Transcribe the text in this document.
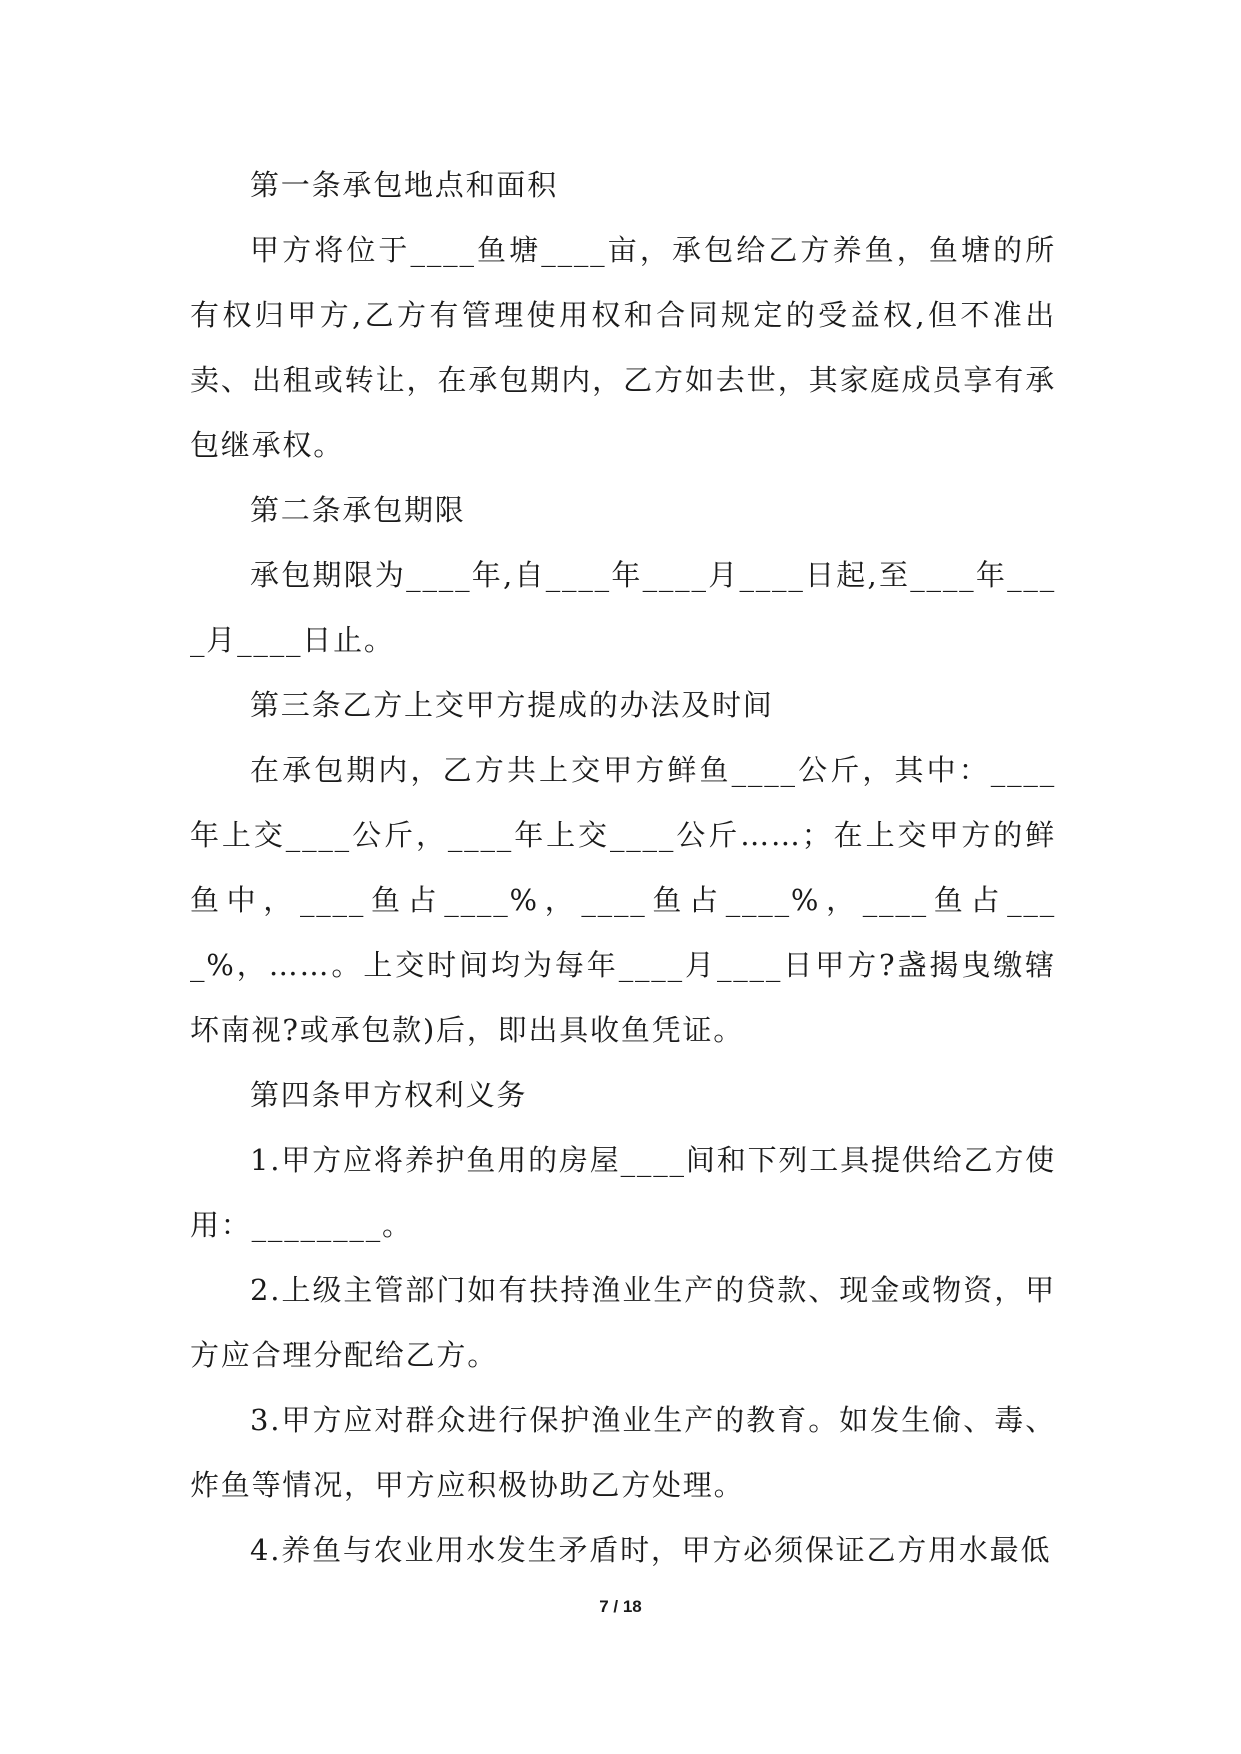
第一条承包地点和面积

甲方将位于____鱼塘____亩，承包给乙方养鱼，鱼塘的所有权归甲方,乙方有管理使用权和合同规定的受益权,但不准出卖、出租或转让，在承包期内，乙方如去世，其家庭成员享有承包继承权。

第二条承包期限

承包期限为____年,自____年____月____日起,至____年____月____日止。

第三条乙方上交甲方提成的办法及时间

在承包期内，乙方共上交甲方鲜鱼____公斤，其中：____年上交____公斤，____年上交____公斤……；在上交甲方的鲜鱼中，____鱼占____%，____鱼占____%，____鱼占____%，……。上交时间均为每年____月____日甲方?盏揭曳缴辖坏南视?或承包款)后，即出具收鱼凭证。

第四条甲方权利义务

1.甲方应将养护鱼用的房屋____间和下列工具提供给乙方使用：________。

2.上级主管部门如有扶持渔业生产的贷款、现金或物资，甲方应合理分配给乙方。

3.甲方应对群众进行保护渔业生产的教育。如发生偷、毒、炸鱼等情况，甲方应积极协助乙方处理。

4.养鱼与农业用水发生矛盾时，甲方必须保证乙方用水最低

7 / 18
